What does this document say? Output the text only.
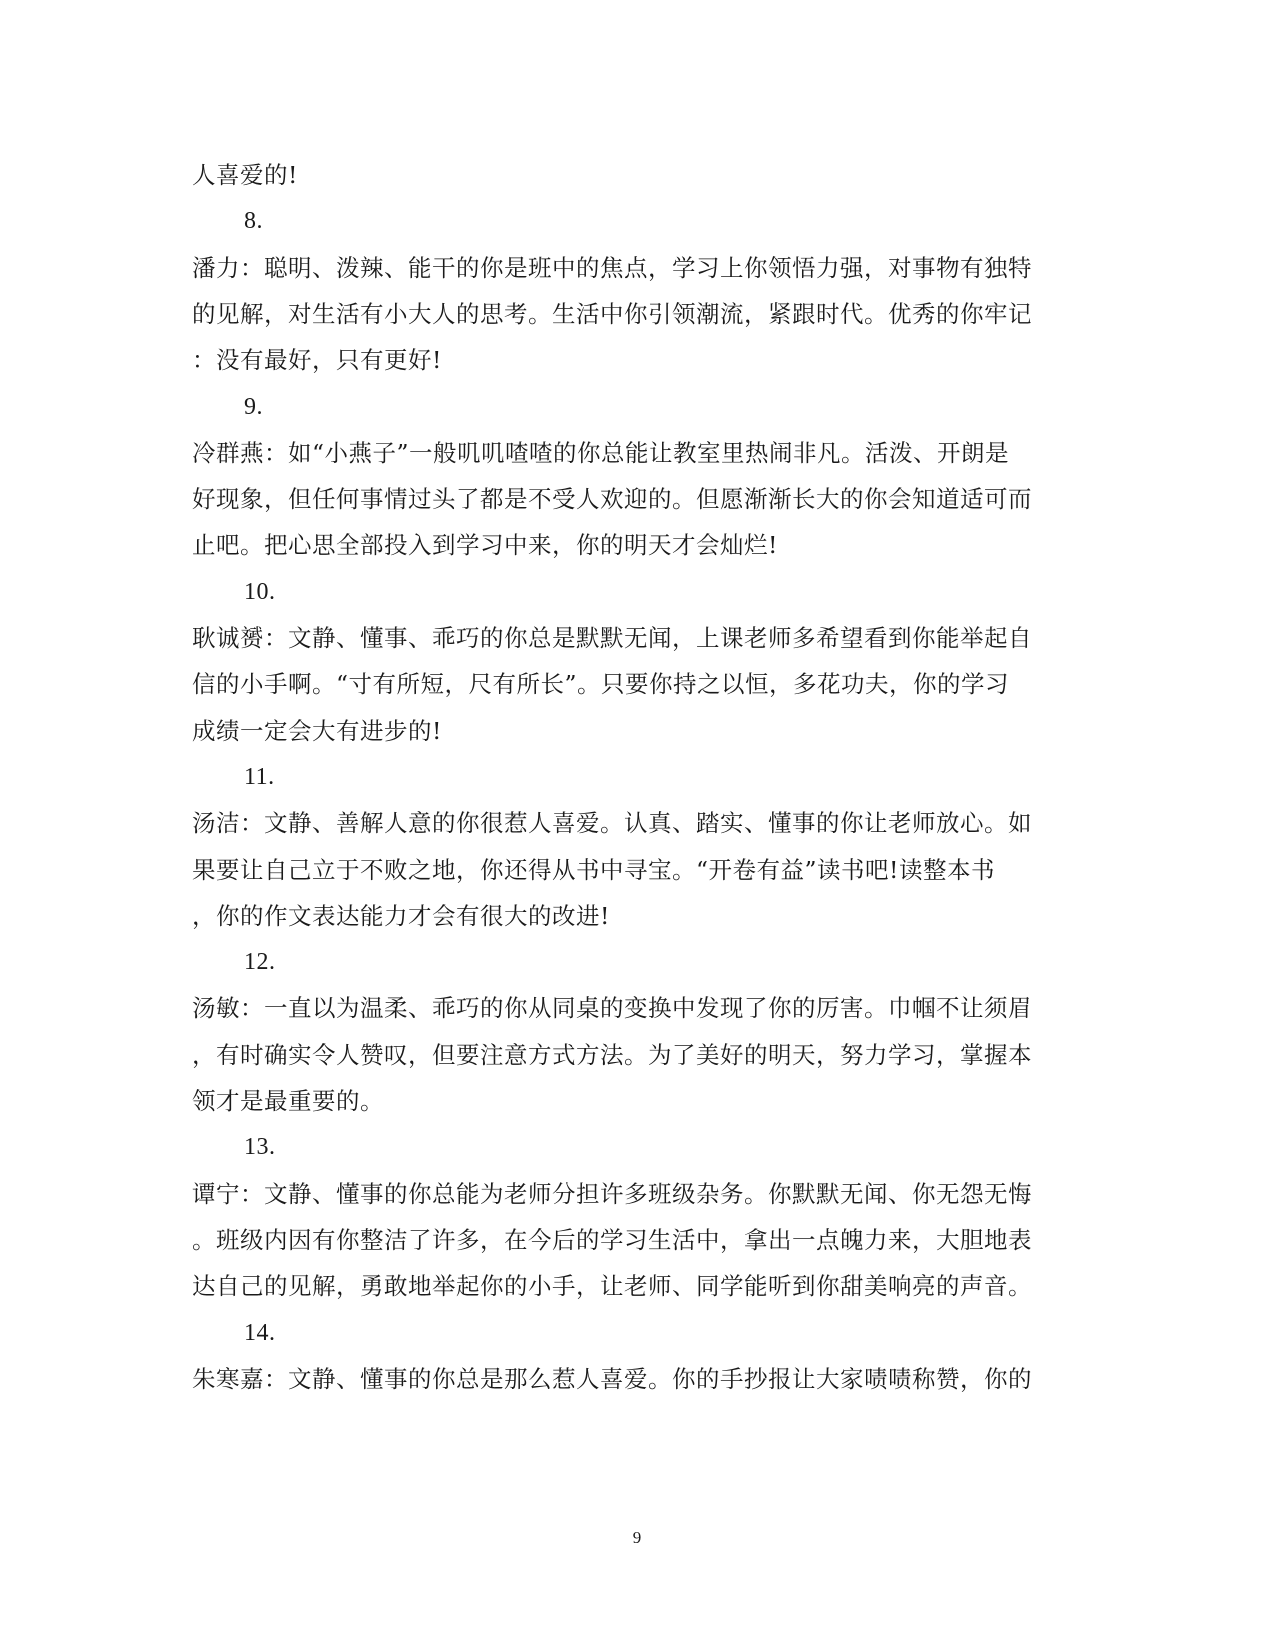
人喜爱的!
8.
潘力：聪明、泼辣、能干的你是班中的焦点，学习上你领悟力强，对事物有独特
的见解，对生活有小大人的思考。生活中你引领潮流，紧跟时代。优秀的你牢记
：没有最好，只有更好!
9.
冷群燕：如“小燕子”一般叽叽喳喳的你总能让教室里热闹非凡。活泼、开朗是
好现象，但任何事情过头了都是不受人欢迎的。但愿渐渐长大的你会知道适可而
止吧。把心思全部投入到学习中来，你的明天才会灿烂!
10.
耿诚赟：文静、懂事、乖巧的你总是默默无闻，上课老师多希望看到你能举起自
信的小手啊。“寸有所短，尺有所长”。只要你持之以恒，多花功夫，你的学习
成绩一定会大有进步的!
11.
汤洁：文静、善解人意的你很惹人喜爱。认真、踏实、懂事的你让老师放心。如
果要让自己立于不败之地，你还得从书中寻宝。“开卷有益”读书吧!读整本书
，你的作文表达能力才会有很大的改进!
12.
汤敏：一直以为温柔、乖巧的你从同桌的变换中发现了你的厉害。巾帼不让须眉
，有时确实令人赞叹，但要注意方式方法。为了美好的明天，努力学习，掌握本
领才是最重要的。
13.
谭宁：文静、懂事的你总能为老师分担许多班级杂务。你默默无闻、你无怨无悔
。班级内因有你整洁了许多，在今后的学习生活中，拿出一点魄力来，大胆地表
达自己的见解，勇敢地举起你的小手，让老师、同学能听到你甜美响亮的声音。
14.
朱寒嘉：文静、懂事的你总是那么惹人喜爱。你的手抄报让大家啧啧称赞，你的
9
